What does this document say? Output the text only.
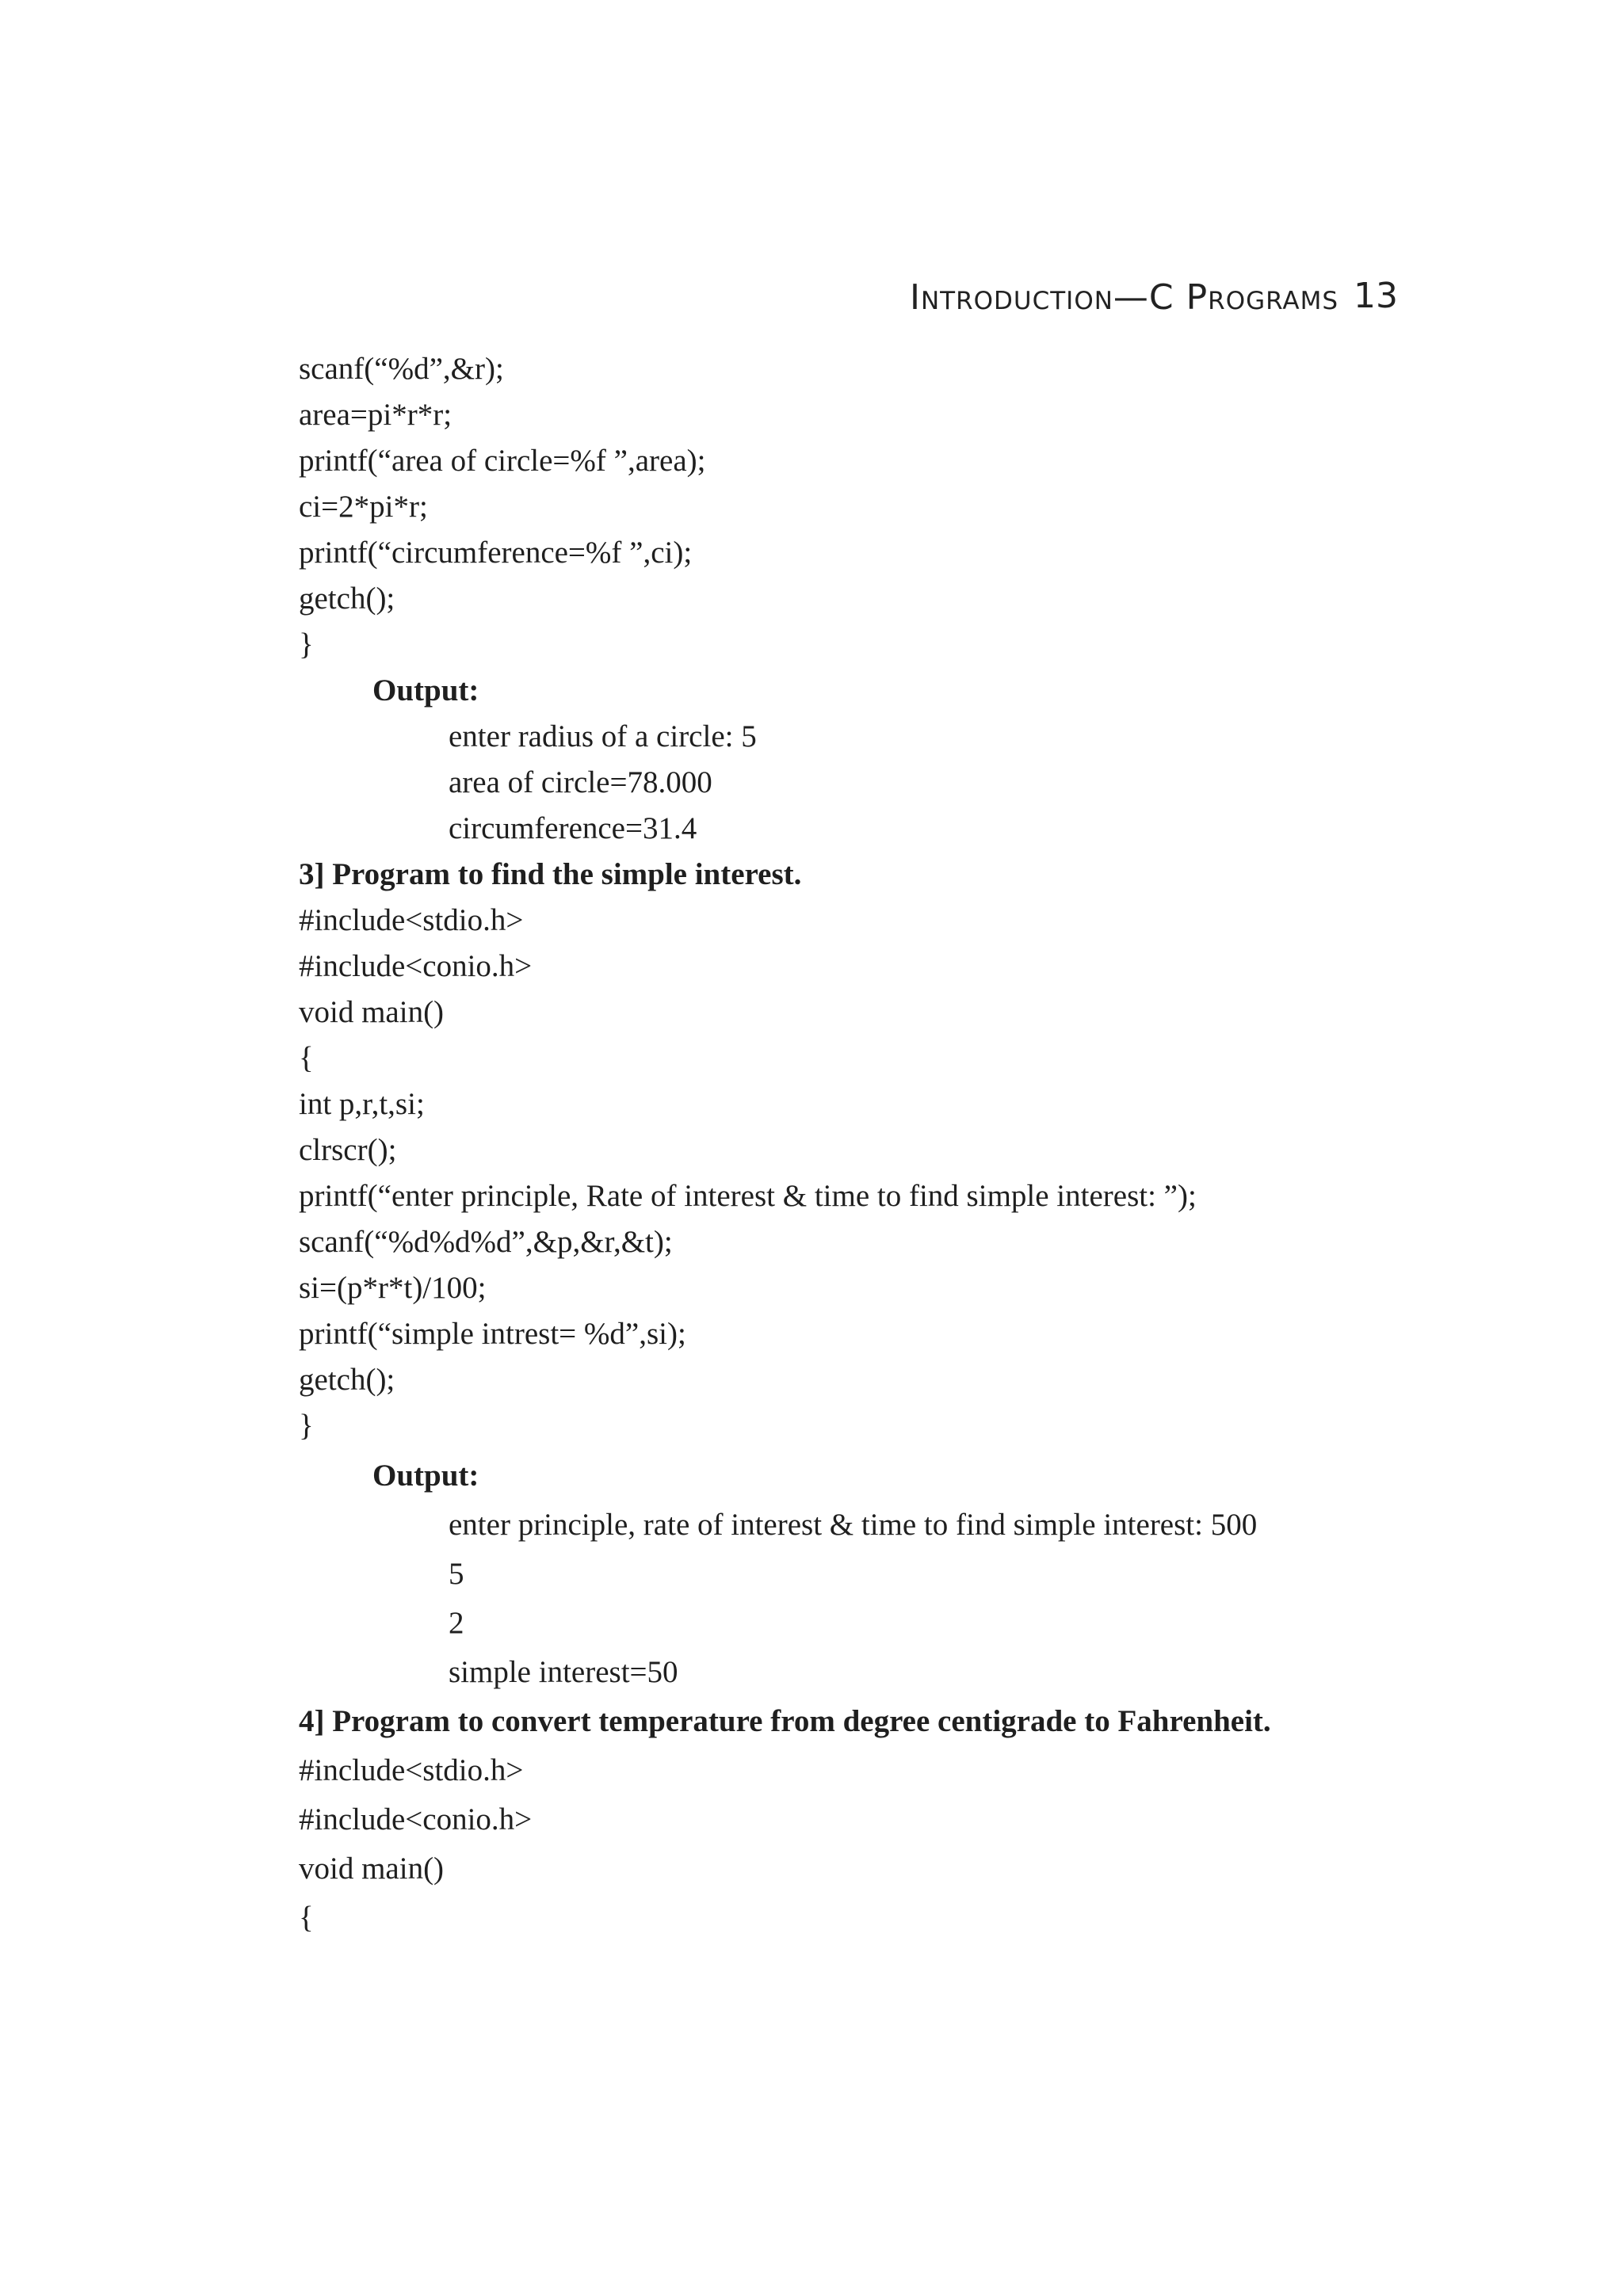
Introduction—C Programs 13
scanf(“%d”,&r);
area=pi*r*r;
printf(“area of circle=%f ”,area);
ci=2*pi*r;
printf(“circumference=%f ”,ci);
getch();
}
Output:
enter radius of a circle: 5
area of circle=78.000
circumference=31.4
3] Program to find the simple interest.
#include<stdio.h>
#include<conio.h>
void main()
{
int p,r,t,si;
clrscr();
printf(“enter principle, Rate of interest & time to find simple interest: ”);
scanf(“%d%d%d”,&p,&r,&t);
si=(p*r*t)/100;
printf(“simple intrest= %d”,si);
getch();
}
Output:
enter principle, rate of interest & time to find simple interest: 500
5
2
simple interest=50
4] Program to convert temperature from degree centigrade to Fahrenheit.
#include<stdio.h>
#include<conio.h>
void main()
{
